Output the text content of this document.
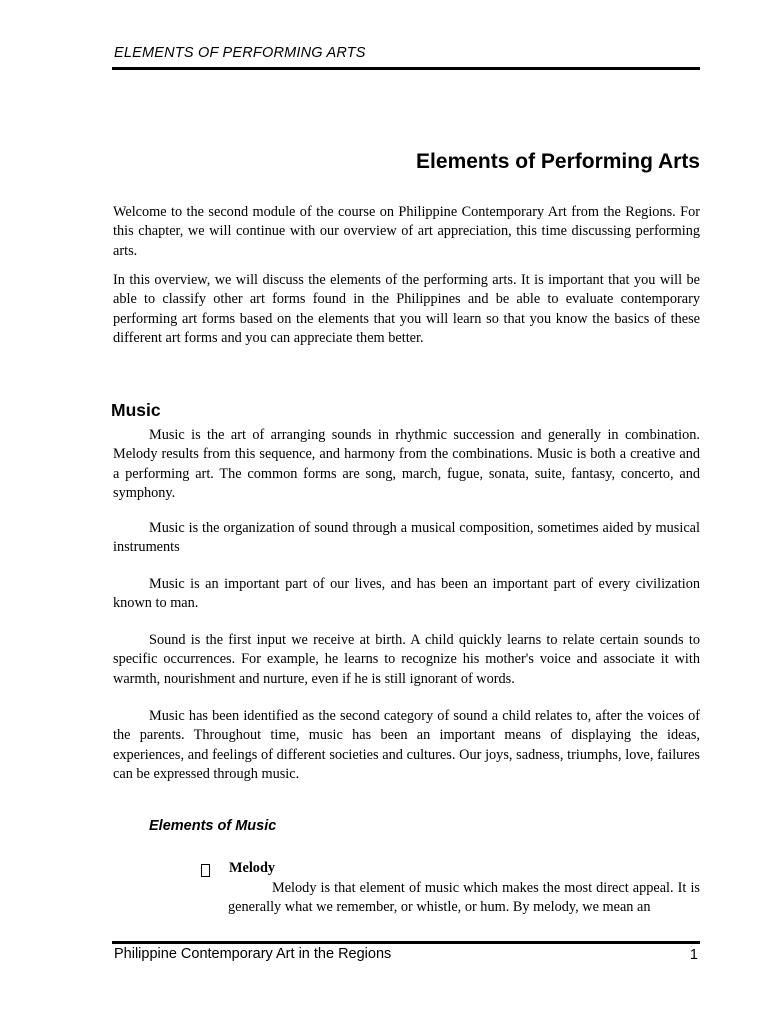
ELEMENTS OF PERFORMING ARTS
Elements of Performing Arts

Welcome to the second module of the course on Philippine Contemporary Art from the Regions. For this chapter, we will continue with our overview of art appreciation, this time discussing performing arts.

In this overview, we will discuss the elements of the performing arts. It is important that you will be able to classify other art forms found in the Philippines and be able to evaluate contemporary performing art forms based on the elements that you will learn so that you know the basics of these different art forms and you can appreciate them better.

Music

Music is the art of arranging sounds in rhythmic succession and generally in combination. Melody results from this sequence, and harmony from the combinations. Music is both a creative and a performing art. The common forms are song, march, fugue, sonata, suite, fantasy, concerto, and symphony.

Music is the organization of sound through a musical composition, sometimes aided by musical instruments

Music is an important part of our lives, and has been an important part of every civilization known to man.

Sound is the first input we receive at birth. A child quickly learns to relate certain sounds to specific occurrences. For example, he learns to recognize his mother's voice and associate it with warmth, nourishment and nurture, even if he is still ignorant of words.

Music has been identified as the second category of sound a child relates to, after the voices of the parents. Throughout time, music has been an important means of displaying the ideas, experiences, and feelings of different societies and cultures. Our joys, sadness, triumphs, love, failures can be expressed through music.

Elements of Music
Melody

Melody is that element of music which makes the most direct appeal. It is generally what we remember, or whistle, or hum. By melody, we mean an

Philippine Contemporary Art in the Regions	1
